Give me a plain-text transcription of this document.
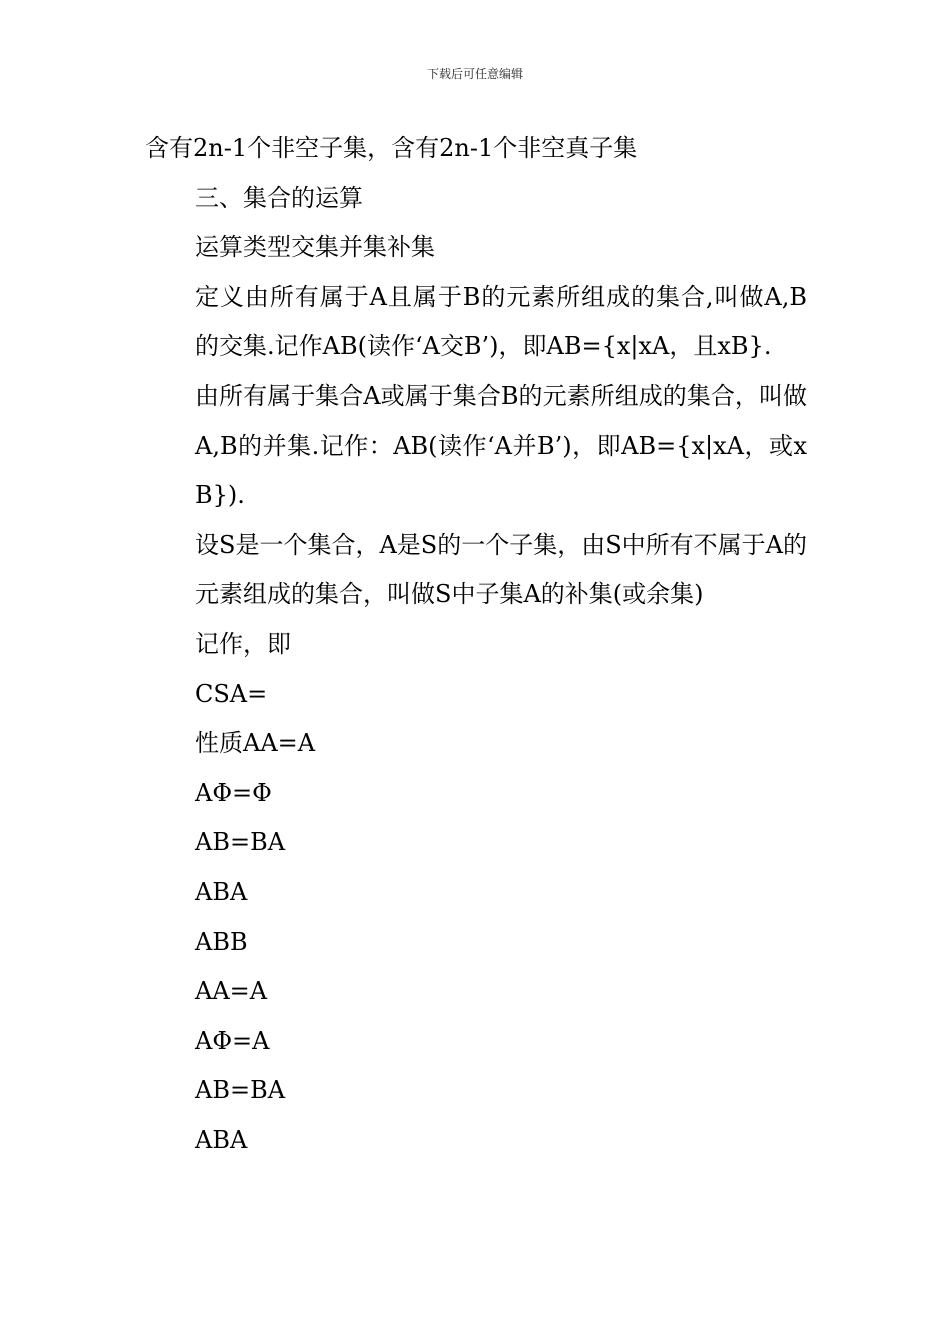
下载后可任意编辑

含有2n-1个非空子集，含有2n-1个非空真子集

三、集合的运算

运算类型交集并集补集

定义由所有属于A且属于B的元素所组成的集合,叫做A,B的交集.记作AB(读作‘A交B’)，即AB={x|xA，且xB}.

由所有属于集合A或属于集合B的元素所组成的集合，叫做A,B的并集.记作：AB(读作‘A并B’)，即AB={x|xA，或xB}).

设S是一个集合，A是S的一个子集，由S中所有不属于A的元素组成的集合，叫做S中子集A的补集(或余集)

记作，即

CSA=

性质AA=A

AΦ=Φ

AB=BA

ABA

ABB

AA=A

AΦ=A

AB=BA

ABA
